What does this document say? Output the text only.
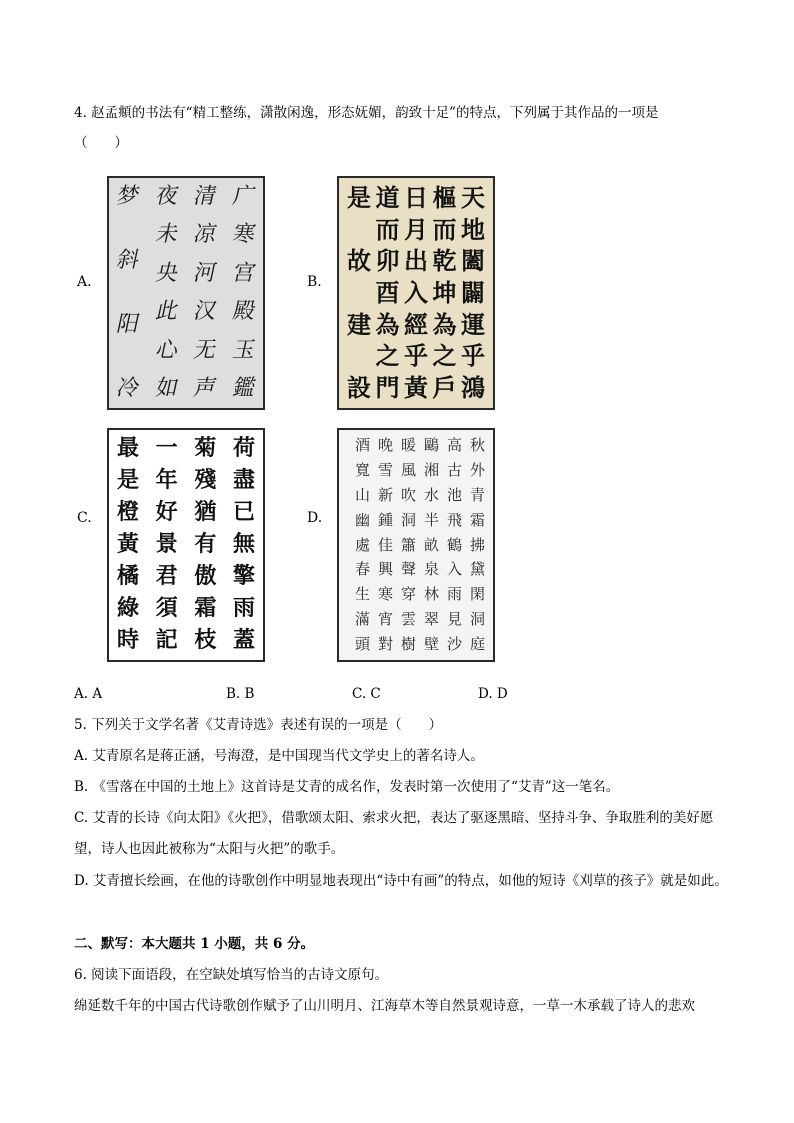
4. 赵孟頫的书法有“精工整练，潇散闲逸，形态妩媚，韵致十足”的特点，下列属于其作品的一项是
（　　）
A.
梦
斜
阳
冷
夜
未
央
此
心
如
清
凉
河
汉
无
声
广
寒
宫
殿
玉
鑑
B.
是
故
建
設
道
而
卯
酉
為
之
門
日
月
出
入
經
乎
黃
樞
而
乾
坤
為
之
戶
天
地
闔
闢
運
乎
鴻
C.
最
是
橙
黃
橘
綠
時
一
年
好
景
君
須
記
菊
殘
猶
有
傲
霜
枝
荷
盡
已
無
擎
雨
蓋
D.
酒
寬
山
幽
處
春
生
滿
頭
晚
雪
新
鍾
佳
興
寒
宵
對
暖
風
吹
洞
簫
聲
穿
雲
樹
鷗
湘
水
半
畝
泉
林
翠
壁
高
古
池
飛
鶴
入
雨
見
沙
秋
外
青
霜
拂
黛
閑
洞
庭
A. A	B. B	C. C	D. D
5. 下列关于文学名著《艾青诗选》表述有误的一项是（　　）
A. 艾青原名是蒋正涵，号海澄，是中国现当代文学史上的著名诗人。
B. 《雪落在中国的土地上》这首诗是艾青的成名作，发表时第一次使用了“艾青”这一笔名。
C. 艾青的长诗《向太阳》《火把》，借歌颂太阳、索求火把，表达了驱逐黑暗、坚持斗争、争取胜利的美好愿望，诗人也因此被称为“太阳与火把”的歌手。
D. 艾青擅长绘画，在他的诗歌创作中明显地表现出“诗中有画”的特点，如他的短诗《刈草的孩子》就是如此。
二、默写：本大题共 1 小题，共 6 分。
6. 阅读下面语段，在空缺处填写恰当的古诗文原句。
绵延数千年的中国古代诗歌创作赋予了山川明月、江海草木等自然景观诗意，一草一木承载了诗人的悲欢
